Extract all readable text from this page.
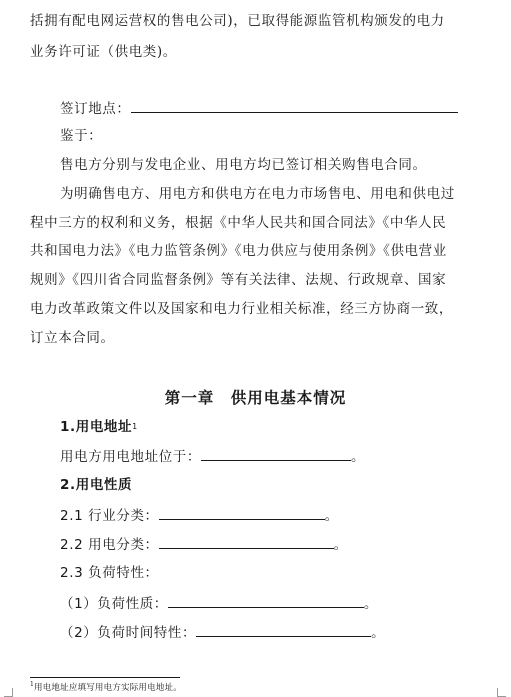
括拥有配电网运营权的售电公司)，已取得能源监管机构颁发的电力
业务许可证（供电类)。
签订地点：
鉴于：
售电方分别与发电企业、用电方均已签订相关购售电合同。
为明确售电方、用电方和供电方在电力市场售电、用电和供电过
程中三方的权利和义务，根据《中华人民共和国合同法》《中华人民
共和国电力法》《电力监管条例》《电力供应与使用条例》《供电营业
规则》《四川省合同监督条例》等有关法律、法规、行政规章、国家
电力改革政策文件以及国家和电力行业相关标准，经三方协商一致，
订立本合同。
第一章　供用电基本情况
1.用电地址$^1$
用电方用电地址位于：	。
2.用电性质
2.1 行业分类：	。
2.2 用电分类：	。
2.3 负荷特性：
（1）负荷性质：	。
（2）负荷时间特性：	。
$^1$用电地址应填写用电方实际用电地址。
